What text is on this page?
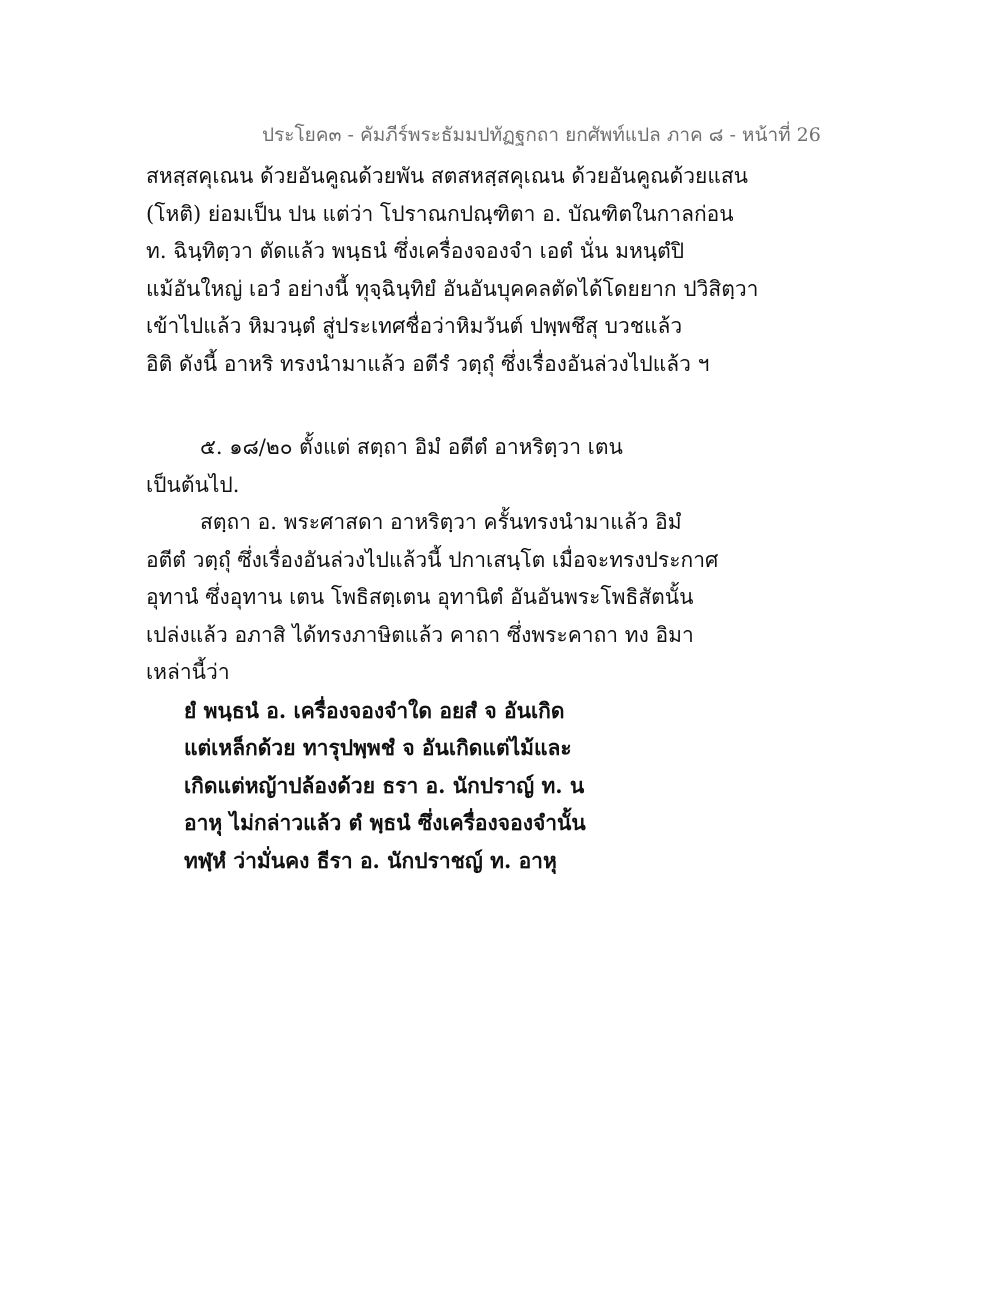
ประโยค๓ - คัมภีร์พระธัมมปทัฏฐกถา ยกศัพท์แปล ภาค ๘ - หน้าที่ 26
สหสฺสคุเณน ด้วยอันคูณด้วยพัน สตสหสฺสคุเณน ด้วยอันคูณด้วยแสน
(โหติ) ย่อมเป็น ปน แต่ว่า โปราณกปณฺฑิตา อ. บัณฑิตในกาลก่อน
ท. ฉินฺทิตฺวา ตัดแล้ว พนฺธนํ ซึ่งเครื่องจองจำ เอตํ นั่น มหนฺตํปิ
แม้อันใหญ่ เอวํ อย่างนี้ ทุจฺฉินฺทิยํ อันอันบุคคลตัดได้โดยยาก ปวิสิตฺวา
เข้าไปแล้ว หิมวนฺตํ สู่ประเทศชื่อว่าหิมวันต์ ปพฺพชึสุ บวชแล้ว
อิติ ดังนี้ อาหริ ทรงนำมาแล้ว อตีรํ วตฺถุํ ซึ่งเรื่องอันล่วงไปแล้ว ฯ
๕. ๑๘/๒๐ ตั้งแต่ สตฺถา อิมํ อตีตํ อาหริตฺวา เตน
เป็นต้นไป.
สตฺถา อ. พระศาสดา อาหริตฺวา ครั้นทรงนำมาแล้ว อิมํ
อตีตํ วตฺถุํ ซึ่งเรื่องอันล่วงไปแล้วนี้ ปกาเสนฺโต เมื่อจะทรงประกาศ
อุทานํ ซึ่งอุทาน เตน โพธิสตฺเตน อุทานิตํ อันอันพระโพธิสัตนั้น
เปล่งแล้ว อภาสิ ได้ทรงภาษิตแล้ว คาถา ซึ่งพระคาถา ทง อิมา
เหล่านี้ว่า
ยํ พนฺธนํ อ. เครื่องจองจำใด อยสํ จ อันเกิด
แต่เหล็กด้วย ทารุปพฺพชํ จ อันเกิดแต่ไม้และ
เกิดแต่หญ้าปล้องด้วย ธรา อ. นักปราญ์ ท. น
อาหุ ไม่กล่าวแล้ว ตํ พฺธนํ ซึ่งเครื่องจองจำนั้น
ทฬฺหํ ว่ามั่นคง ธีรา อ. นักปราชญ์ ท. อาหุ
